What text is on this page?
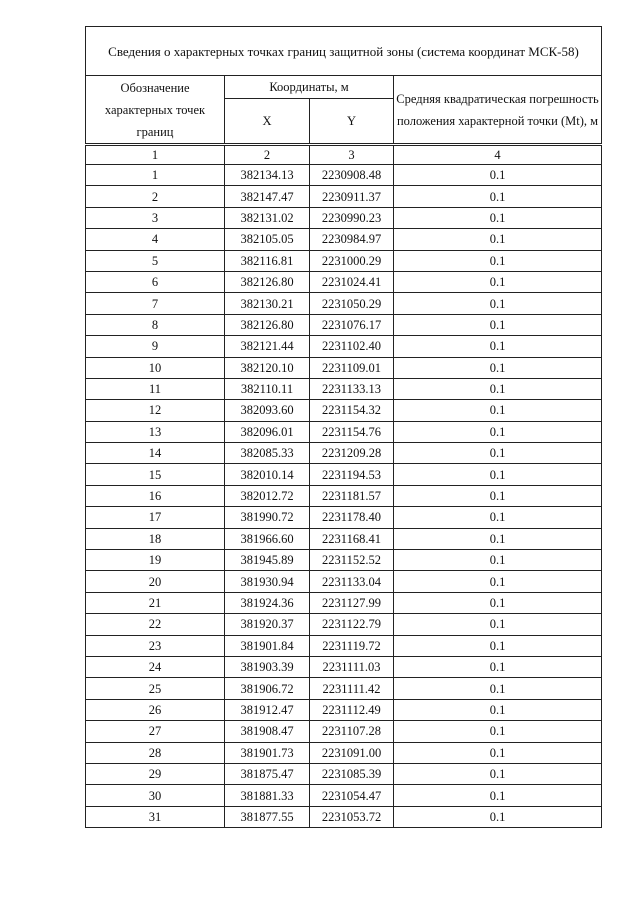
Сведения о характерных точках границ защитной зоны (система координат МСК-58)			
Обозначение характерных точек границ	Координаты, м		Средняя квадратическая погрешность положения характерной точки (Mt), м
	X	Y	
1	2	3	4
1	382134.13	2230908.48	0.1
2	382147.47	2230911.37	0.1
3	382131.02	2230990.23	0.1
4	382105.05	2230984.97	0.1
5	382116.81	2231000.29	0.1
6	382126.80	2231024.41	0.1
7	382130.21	2231050.29	0.1
8	382126.80	2231076.17	0.1
9	382121.44	2231102.40	0.1
10	382120.10	2231109.01	0.1
11	382110.11	2231133.13	0.1
12	382093.60	2231154.32	0.1
13	382096.01	2231154.76	0.1
14	382085.33	2231209.28	0.1
15	382010.14	2231194.53	0.1
16	382012.72	2231181.57	0.1
17	381990.72	2231178.40	0.1
18	381966.60	2231168.41	0.1
19	381945.89	2231152.52	0.1
20	381930.94	2231133.04	0.1
21	381924.36	2231127.99	0.1
22	381920.37	2231122.79	0.1
23	381901.84	2231119.72	0.1
24	381903.39	2231111.03	0.1
25	381906.72	2231111.42	0.1
26	381912.47	2231112.49	0.1
27	381908.47	2231107.28	0.1
28	381901.73	2231091.00	0.1
29	381875.47	2231085.39	0.1
30	381881.33	2231054.47	0.1
31	381877.55	2231053.72	0.1
